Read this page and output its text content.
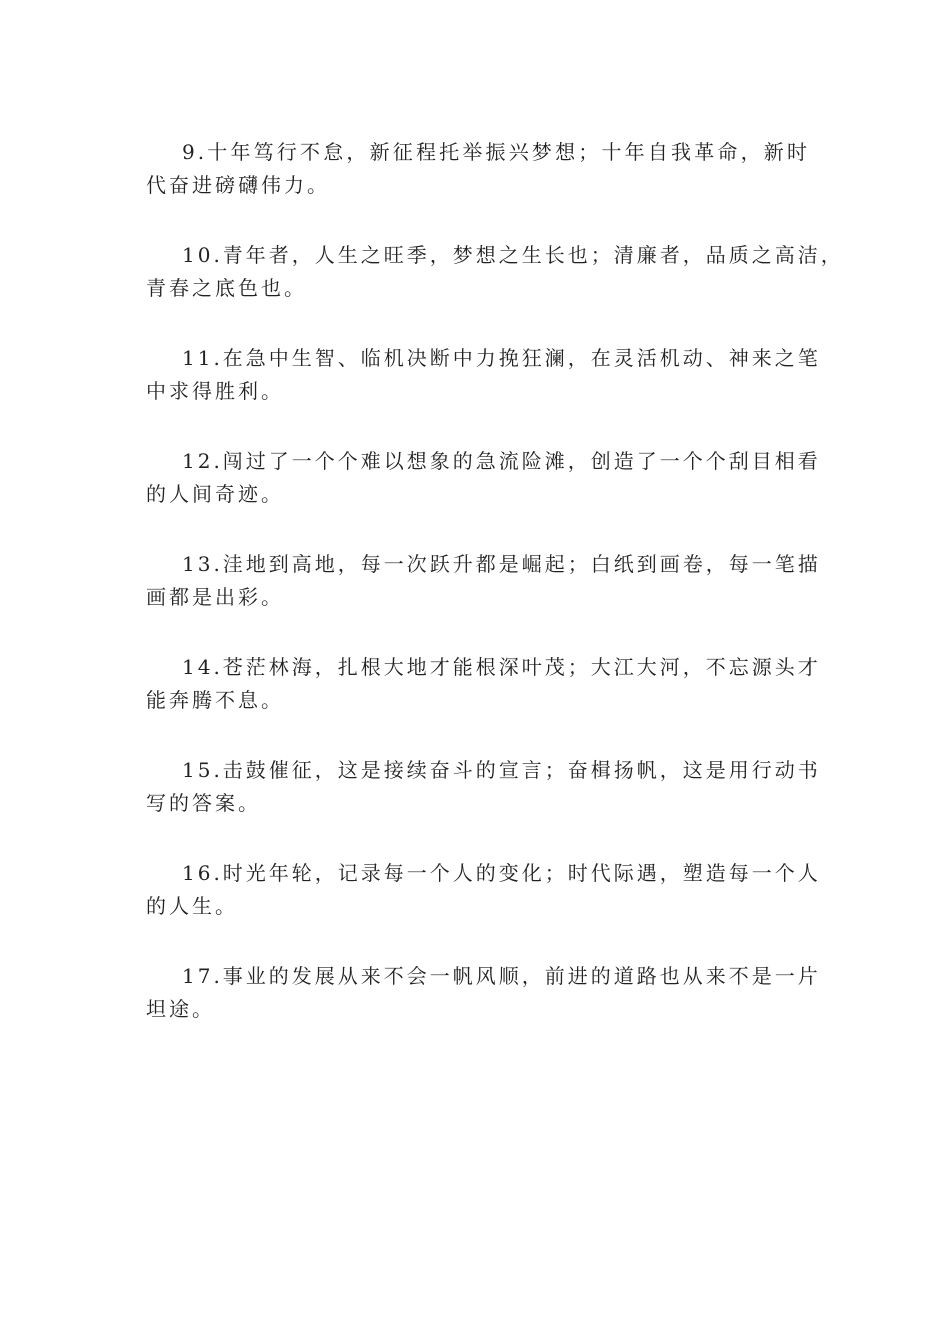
9.十年笃行不怠，新征程托举振兴梦想；十年自我革命，新时
代奋进磅礴伟力。

10.青年者，人生之旺季，梦想之生长也；清廉者，品质之高洁，
青春之底色也。

11.在急中生智、临机决断中力挽狂澜，在灵活机动、神来之笔
中求得胜利。

12.闯过了一个个难以想象的急流险滩，创造了一个个刮目相看
的人间奇迹。

13.洼地到高地，每一次跃升都是崛起；白纸到画卷，每一笔描
画都是出彩。

14.苍茫林海，扎根大地才能根深叶茂；大江大河，不忘源头才
能奔腾不息。

15.击鼓催征，这是接续奋斗的宣言；奋楫扬帆，这是用行动书
写的答案。

16.时光年轮，记录每一个人的变化；时代际遇，塑造每一个人
的人生。

17.事业的发展从来不会一帆风顺，前进的道路也从来不是一片
坦途。
